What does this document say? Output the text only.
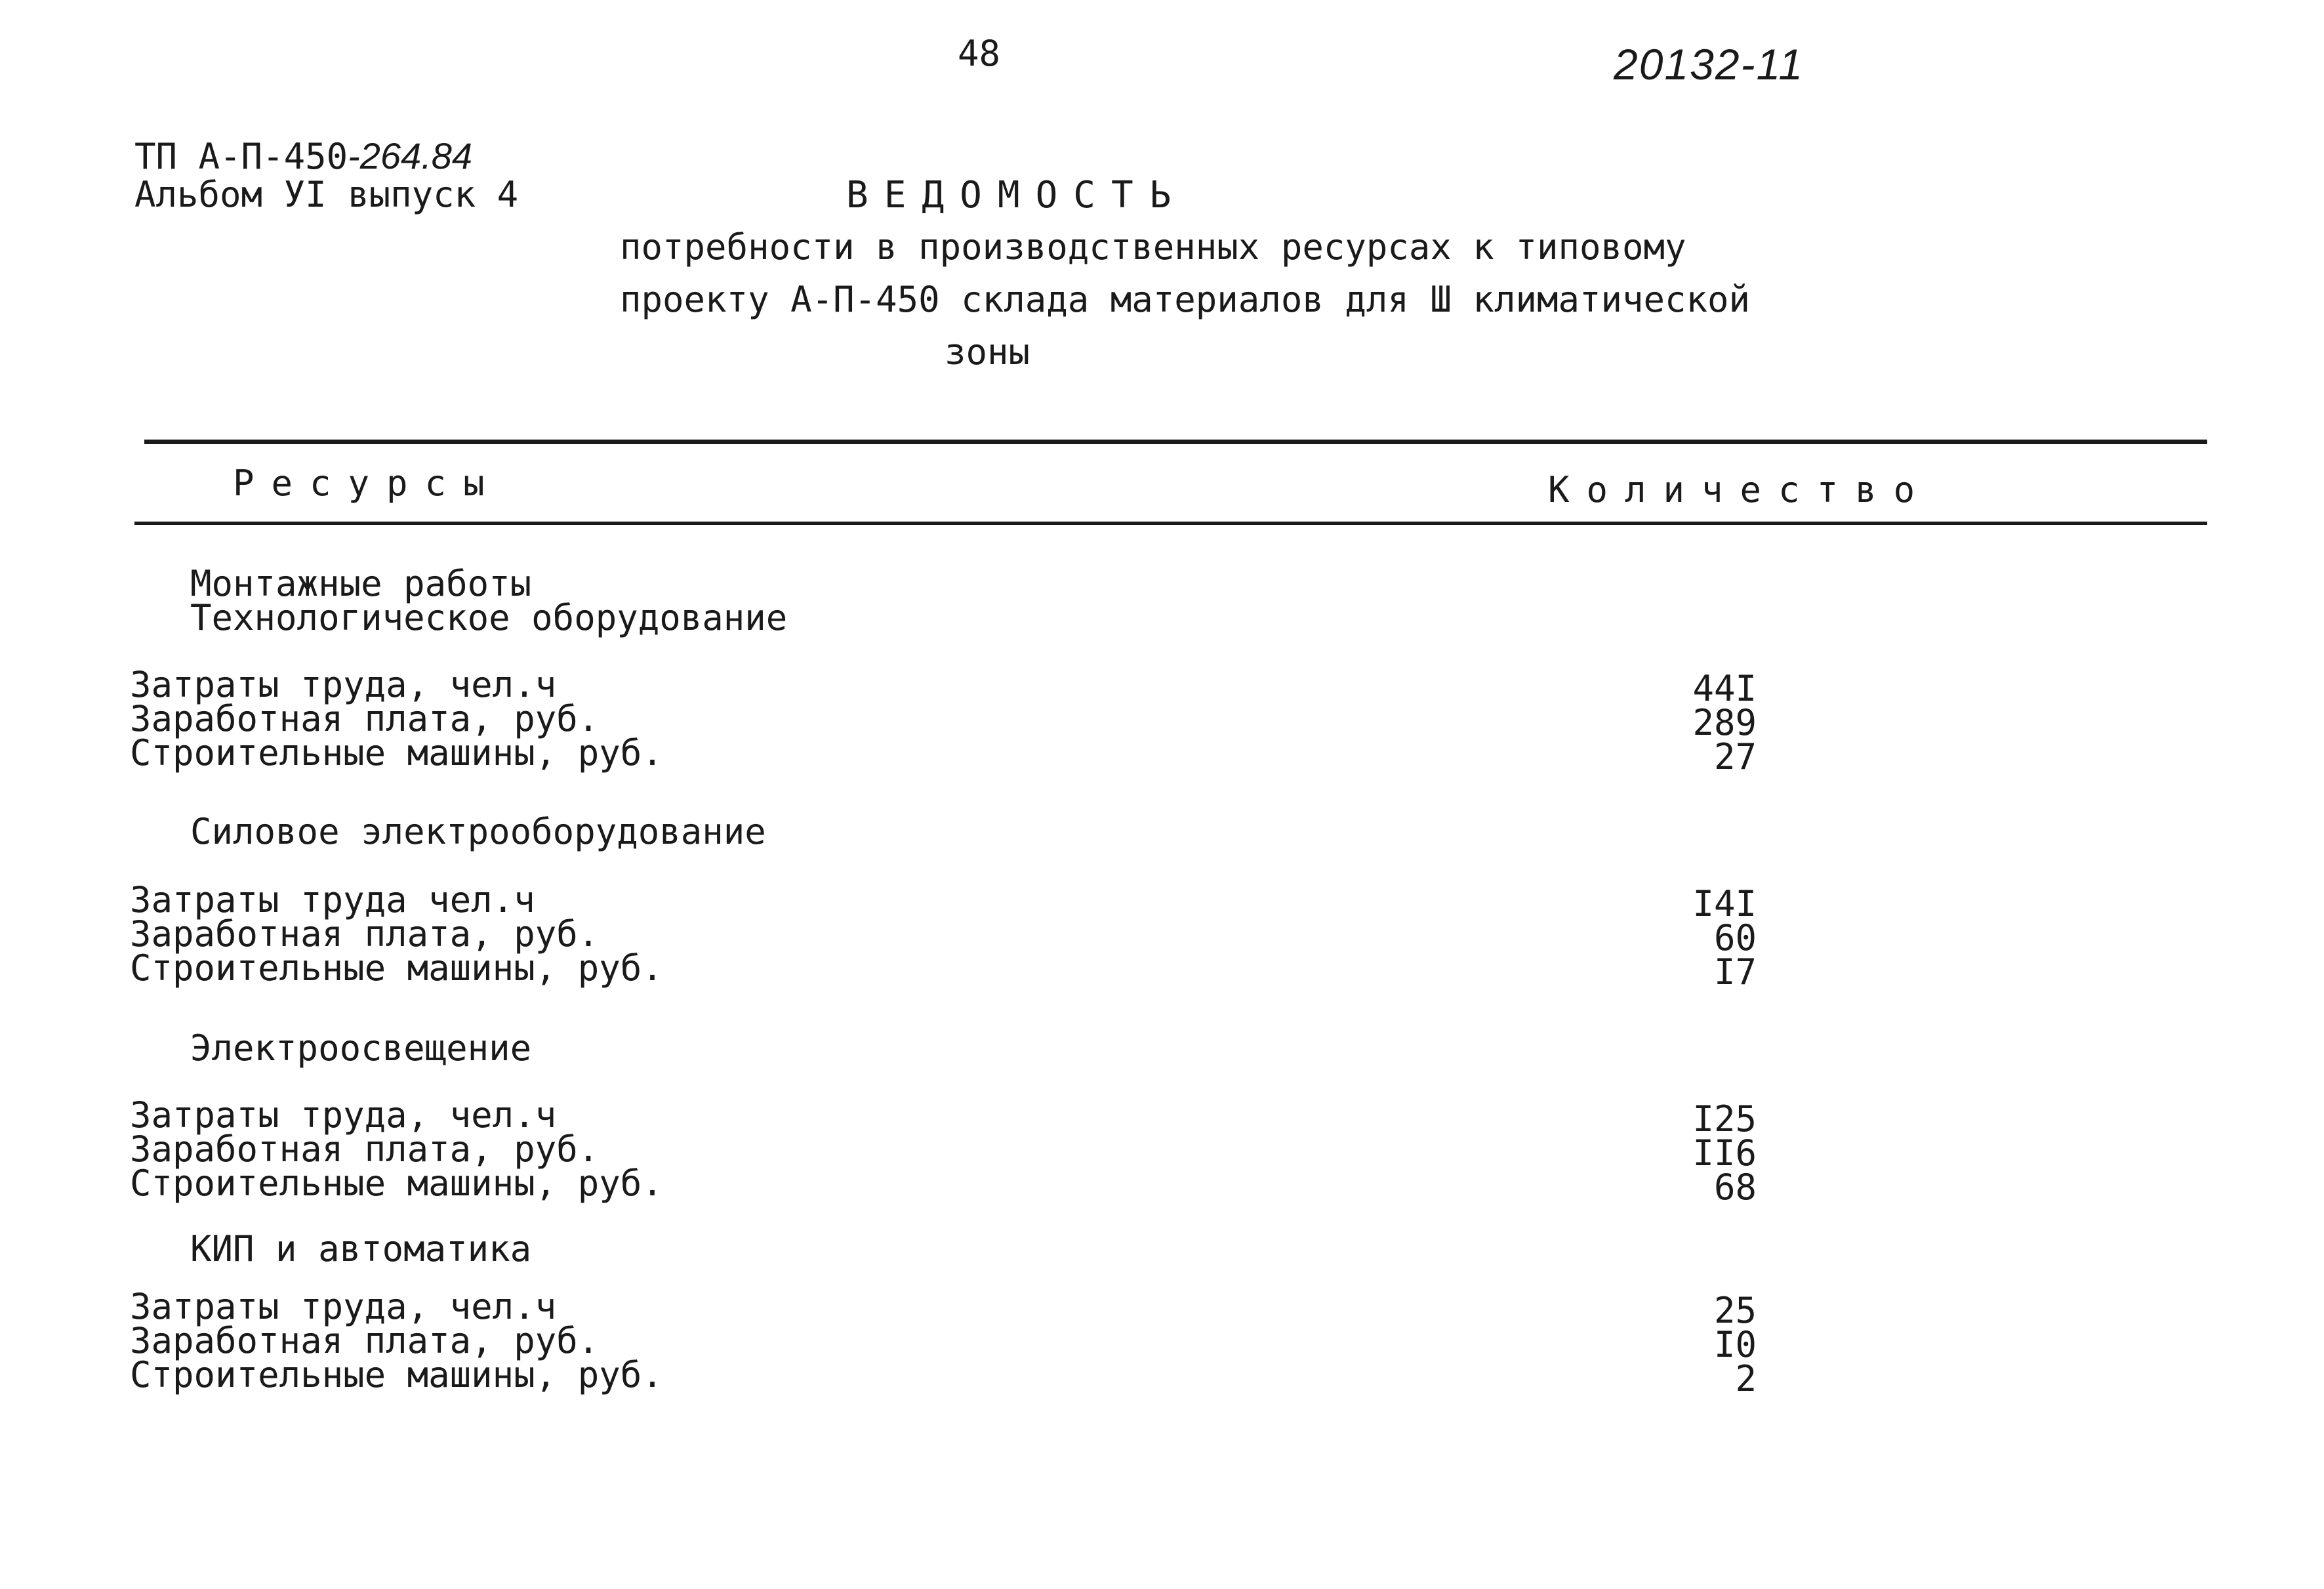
48	20132-11
ТП А-П-450-264.84
Альбом УI выпуск 4	ВЕДОМОСТЬ
потребности в производственных ресурсах к типовому
проекту А-П-450 склада материалов для Ш климатической
зоны
Ресурсы	Количество
Монтажные работы
Технологическое оборудование
Затраты труда, чел.ч	44I
Заработная плата, руб.	289
Строительные машины, руб.	27
Силовое электрооборудование
Затраты труда чел.ч	I4I
Заработная плата, руб.	60
Строительные машины, руб.	I7
Электроосвещение
Затраты труда, чел.ч	I25
Заработная плата, руб.	II6
Строительные машины, руб.	68
КИП и автоматика
Затраты труда, чел.ч	25
Заработная плата, руб.	I0
Строительные машины, руб.	2
